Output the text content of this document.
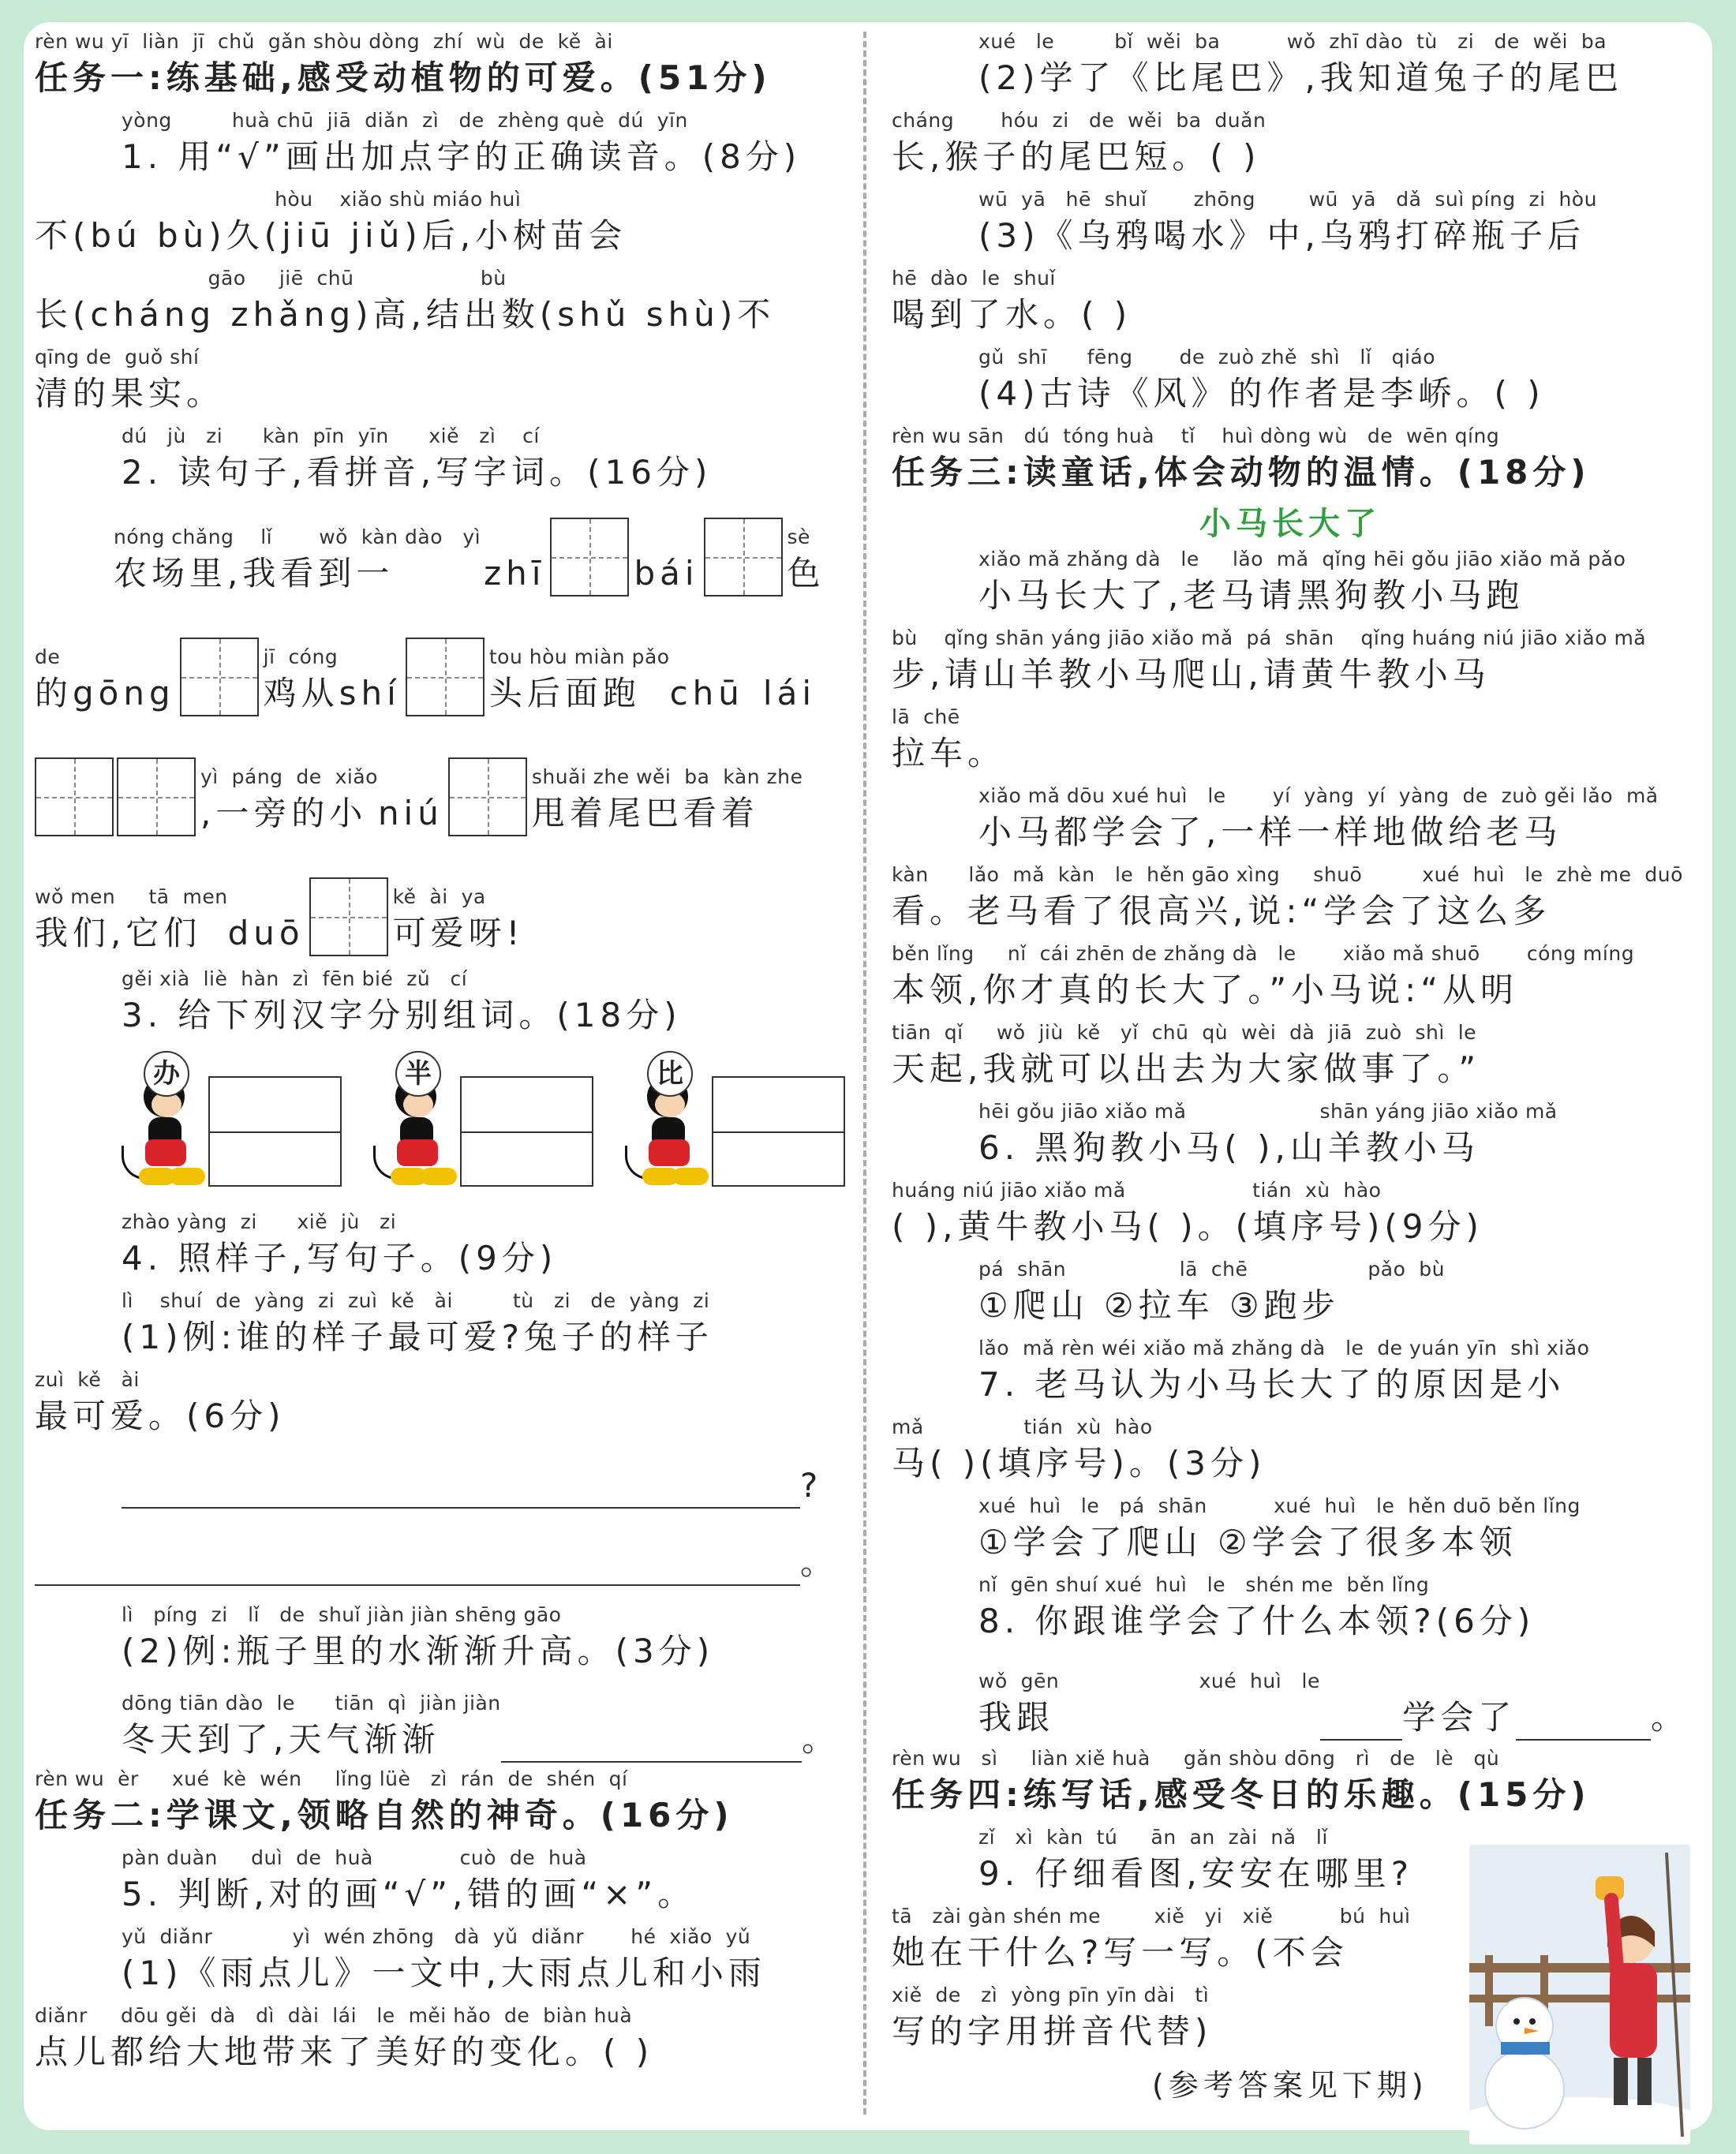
rèn wu yī  liàn  jī  chǔ  gǎn shòu dòng  zhí  wù  de  kě  ài
任务一:练基础,感受动植物的可爱。(51分)
yòng         huà chū  jiā  diǎn  zì   de  zhèng què  dú  yīn
1. 用“√”画出加点字的正确读音。(8分)
hòu    xiǎo shù miáo huì
不(bú bù)久(jiū jiǔ)后,小树苗会
gāo     jiē  chū                   bù
长(cháng zhǎng)高,结出数(shǔ shù)不
qīng de  guǒ shí
清的果实。
dú   jù   zi      kàn  pīn  yīn      xiě   zì    cí
2. 读句子,看拼音,写字词。(16分)
nóng chǎng    lǐ       wǒ  kàn dào   yì
农场里,我看到一	zhī	bái
sè
色
de
的 gōng
jī  cóng
鸡从 shí
tou hòu miàn pǎo
头后面跑 chū lái
yì  páng  de  xiǎo
,一旁的小 niú
shuǎi zhe wěi  ba  kàn zhe
甩着尾巴看着
wǒ men     tā  men
我们,它们 duō
kě  ài  ya
可爱呀!
gěi xià  liè  hàn  zì  fēn bié  zǔ   cí
3. 给下列汉字分别组词。(18分)
办	半	比
zhào yàng  zi      xiě  jù   zi
4. 照样子,写句子。(9分)
lì    shuí  de  yàng  zi  zuì  kě   ài         tù   zi   de  yàng  zi
(1)例:谁的样子最可爱?兔子的样子
zuì  kě   ài
最可爱。(6分)
?
。
lì   píng  zi   lǐ   de  shuǐ jiàn jiàn shēng gāo
(2)例:瓶子里的水渐渐升高。(3分)
dōng tiān dào  le      tiān  qì  jiàn jiàn
冬天到了,天气渐渐	。
rèn wu  èr     xué  kè  wén     lǐng lüè   zì  rán  de  shén  qí
任务二:学课文,领略自然的神奇。(16分)
pàn duàn     duì  de  huà             cuò  de  huà
5. 判断,对的画“√”,错的画“×”。
yǔ  diǎnr            yì  wén zhōng   dà  yǔ  diǎnr       hé  xiǎo  yǔ
(1)《雨点儿》一文中,大雨点儿和小雨
diǎnr     dōu gěi  dà   dì  dài  lái   le  měi hǎo  de  biàn huà
点儿都给大地带来了美好的变化。( )
xué   le         bǐ  wěi  ba          wǒ  zhī dào  tù   zi   de  wěi  ba
(2)学了《比尾巴》,我知道兔子的尾巴
cháng       hóu  zi   de  wěi  ba  duǎn
长,猴子的尾巴短。( )
wū  yā   hē  shuǐ       zhōng        wū  yā   dǎ  suì píng  zi  hòu
(3)《乌鸦喝水》中,乌鸦打碎瓶子后
hē  dào  le  shuǐ
喝到了水。( )
gǔ  shī      fēng       de  zuò zhě  shì   lǐ   qiáo
(4)古诗《风》的作者是李峤。( )
rèn wu sān   dú  tóng huà    tǐ    huì dòng wù   de  wēn qíng
任务三:读童话,体会动物的温情。(18分)
小马长大了
xiǎo mǎ zhǎng dà   le     lǎo  mǎ  qǐng hēi gǒu jiāo xiǎo mǎ pǎo
小马长大了,老马请黑狗教小马跑
bù    qǐng shān yáng jiāo xiǎo mǎ  pá  shān    qǐng huáng niú jiāo xiǎo mǎ
步,请山羊教小马爬山,请黄牛教小马
lā  chē
拉车。
xiǎo mǎ dōu xué huì   le       yí  yàng  yí  yàng  de  zuò gěi lǎo  mǎ
小马都学会了,一样一样地做给老马
kàn      lǎo  mǎ  kàn   le  hěn gāo xìng     shuō         xué  huì   le  zhè me  duō
看。老马看了很高兴,说:“学会了这么多
běn lǐng     nǐ  cái zhēn de zhǎng dà   le       xiǎo mǎ shuō       cóng míng
本领,你才真的长大了。”小马说:“从明
tiān  qǐ     wǒ  jiù  kě   yǐ  chū  qù  wèi  dà  jiā  zuò  shì  le
天起,我就可以出去为大家做事了。”
hēi gǒu jiāo xiǎo mǎ                    shān yáng jiāo xiǎo mǎ
6. 黑狗教小马( ),山羊教小马
huáng niú jiāo xiǎo mǎ                   tián  xù  hào
( ),黄牛教小马( )。(填序号)(9分)
pá  shān                 lā  chē                  pǎo  bù
①爬山 ②拉车 ③跑步
lǎo  mǎ rèn wéi xiǎo mǎ zhǎng dà   le  de yuán yīn  shì xiǎo
7. 老马认为小马长大了的原因是小
mǎ               tián  xù  hào
马( )(填序号)。(3分)
xué  huì   le   pá  shān          xué  huì   le  hěn duō běn lǐng
①学会了爬山 ②学会了很多本领
nǐ  gēn shuí xué  huì   le   shén me  běn lǐng
8. 你跟谁学会了什么本领?(6分)
wǒ  gēn                     xué  huì   le
我跟	学会了	。
rèn wu   sì     liàn xiě huà     gǎn shòu dōng   rì   de   lè   qù
任务四:练写话,感受冬日的乐趣。(15分)
zǐ   xì  kàn  tú     ān  an  zài  nǎ   lǐ
9. 仔细看图,安安在哪里?
tā   zài gàn shén me        xiě   yi   xiě          bú  huì
她在干什么?写一写。(不会
xiě  de   zì  yòng pīn yīn dài   tì
写的字用拼音代替)
(参考答案见下期)
